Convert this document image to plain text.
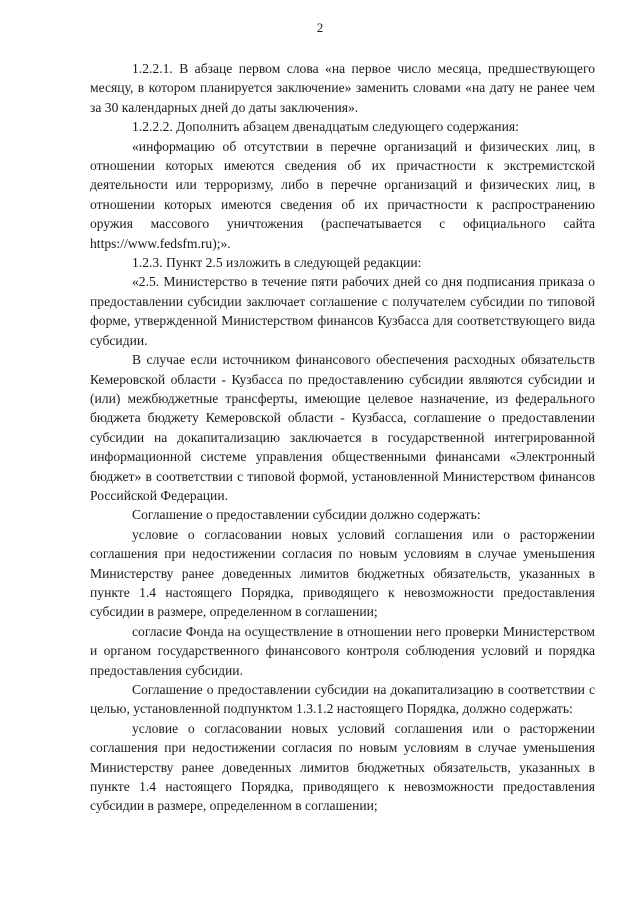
2

1.2.2.1. В абзаце первом слова «на первое число месяца, предшествующего месяцу, в котором планируется заключение» заменить словами «на дату не ранее чем за 30 календарных дней до даты заключения».

1.2.2.2. Дополнить абзацем двенадцатым следующего содержания:

«информацию об отсутствии в перечне организаций и физических лиц, в отношении которых имеются сведения об их причастности к экстремистской деятельности или терроризму, либо в перечне организаций и физических лиц, в отношении которых имеются сведения об их причастности к распространению оружия массового уничтожения (распечатывается с официального сайта https://www.fedsfm.ru);».

1.2.3. Пункт 2.5 изложить в следующей редакции:

«2.5. Министерство в течение пяти рабочих дней со дня подписания приказа о предоставлении субсидии заключает соглашение с получателем субсидии по типовой форме, утвержденной Министерством финансов Кузбасса для соответствующего вида субсидии.

В случае если источником финансового обеспечения расходных обязательств Кемеровской области - Кузбасса по предоставлению субсидии являются субсидии и (или) межбюджетные трансферты, имеющие целевое назначение, из федерального бюджета бюджету Кемеровской области - Кузбасса, соглашение о предоставлении субсидии на докапитализацию заключается в государственной интегрированной информационной системе управления общественными финансами «Электронный бюджет» в соответствии с типовой формой, установленной Министерством финансов Российской Федерации.

Соглашение о предоставлении субсидии должно содержать:

условие о согласовании новых условий соглашения или о расторжении соглашения при недостижении согласия по новым условиям в случае уменьшения Министерству ранее доведенных лимитов бюджетных обязательств, указанных в пункте 1.4 настоящего Порядка, приводящего к невозможности предоставления субсидии в размере, определенном в соглашении;

согласие Фонда на осуществление в отношении него проверки Министерством и органом государственного финансового контроля соблюдения условий и порядка предоставления субсидии.

Соглашение о предоставлении субсидии на докапитализацию в соответствии с целью, установленной подпунктом 1.3.1.2 настоящего Порядка, должно содержать:

условие о согласовании новых условий соглашения или о расторжении соглашения при недостижении согласия по новым условиям в случае уменьшения Министерству ранее доведенных лимитов бюджетных обязательств, указанных в пункте 1.4 настоящего Порядка, приводящего к невозможности предоставления субсидии в размере, определенном в соглашении;
